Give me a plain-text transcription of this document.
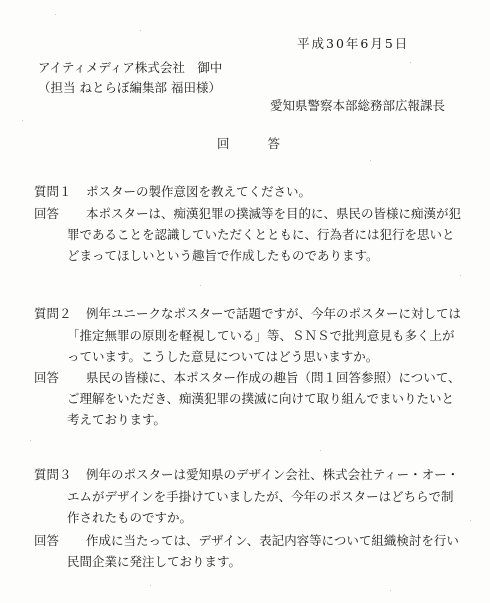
平成30年6月5日
アイティメディア株式会社　御中
（担当 ねとらぼ編集部 福田様）
愛知県警察本部総務部広報課長
回答
質問１ ポスターの製作意図を教えてください。
回答 本ポスターは、痴漢犯罪の撲滅等を目的に、県民の皆様に痴漢が犯
罪であることを認識していただくとともに、行為者には犯行を思いと
どまってほしいという趣旨で作成したものであります。
質問２ 例年ユニークなポスターで話題ですが、今年のポスターに対しては
「推定無罪の原則を軽視している」等、ＳＮＳで批判意見も多く上が
っています。こうした意見についてはどう思いますか。
回答 県民の皆様に、本ポスター作成の趣旨（問１回答参照）について、
ご理解をいただき、痴漢犯罪の撲滅に向けて取り組んでまいりたいと
考えております。
質問３ 例年のポスターは愛知県のデザイン会社、株式会社ティー・オー・
エムがデザインを手掛けていましたが、今年のポスターはどちらで制
作されたものですか。
回答 作成に当たっては、デザイン、表記内容等について組織検討を行い
民間企業に発注しております。
